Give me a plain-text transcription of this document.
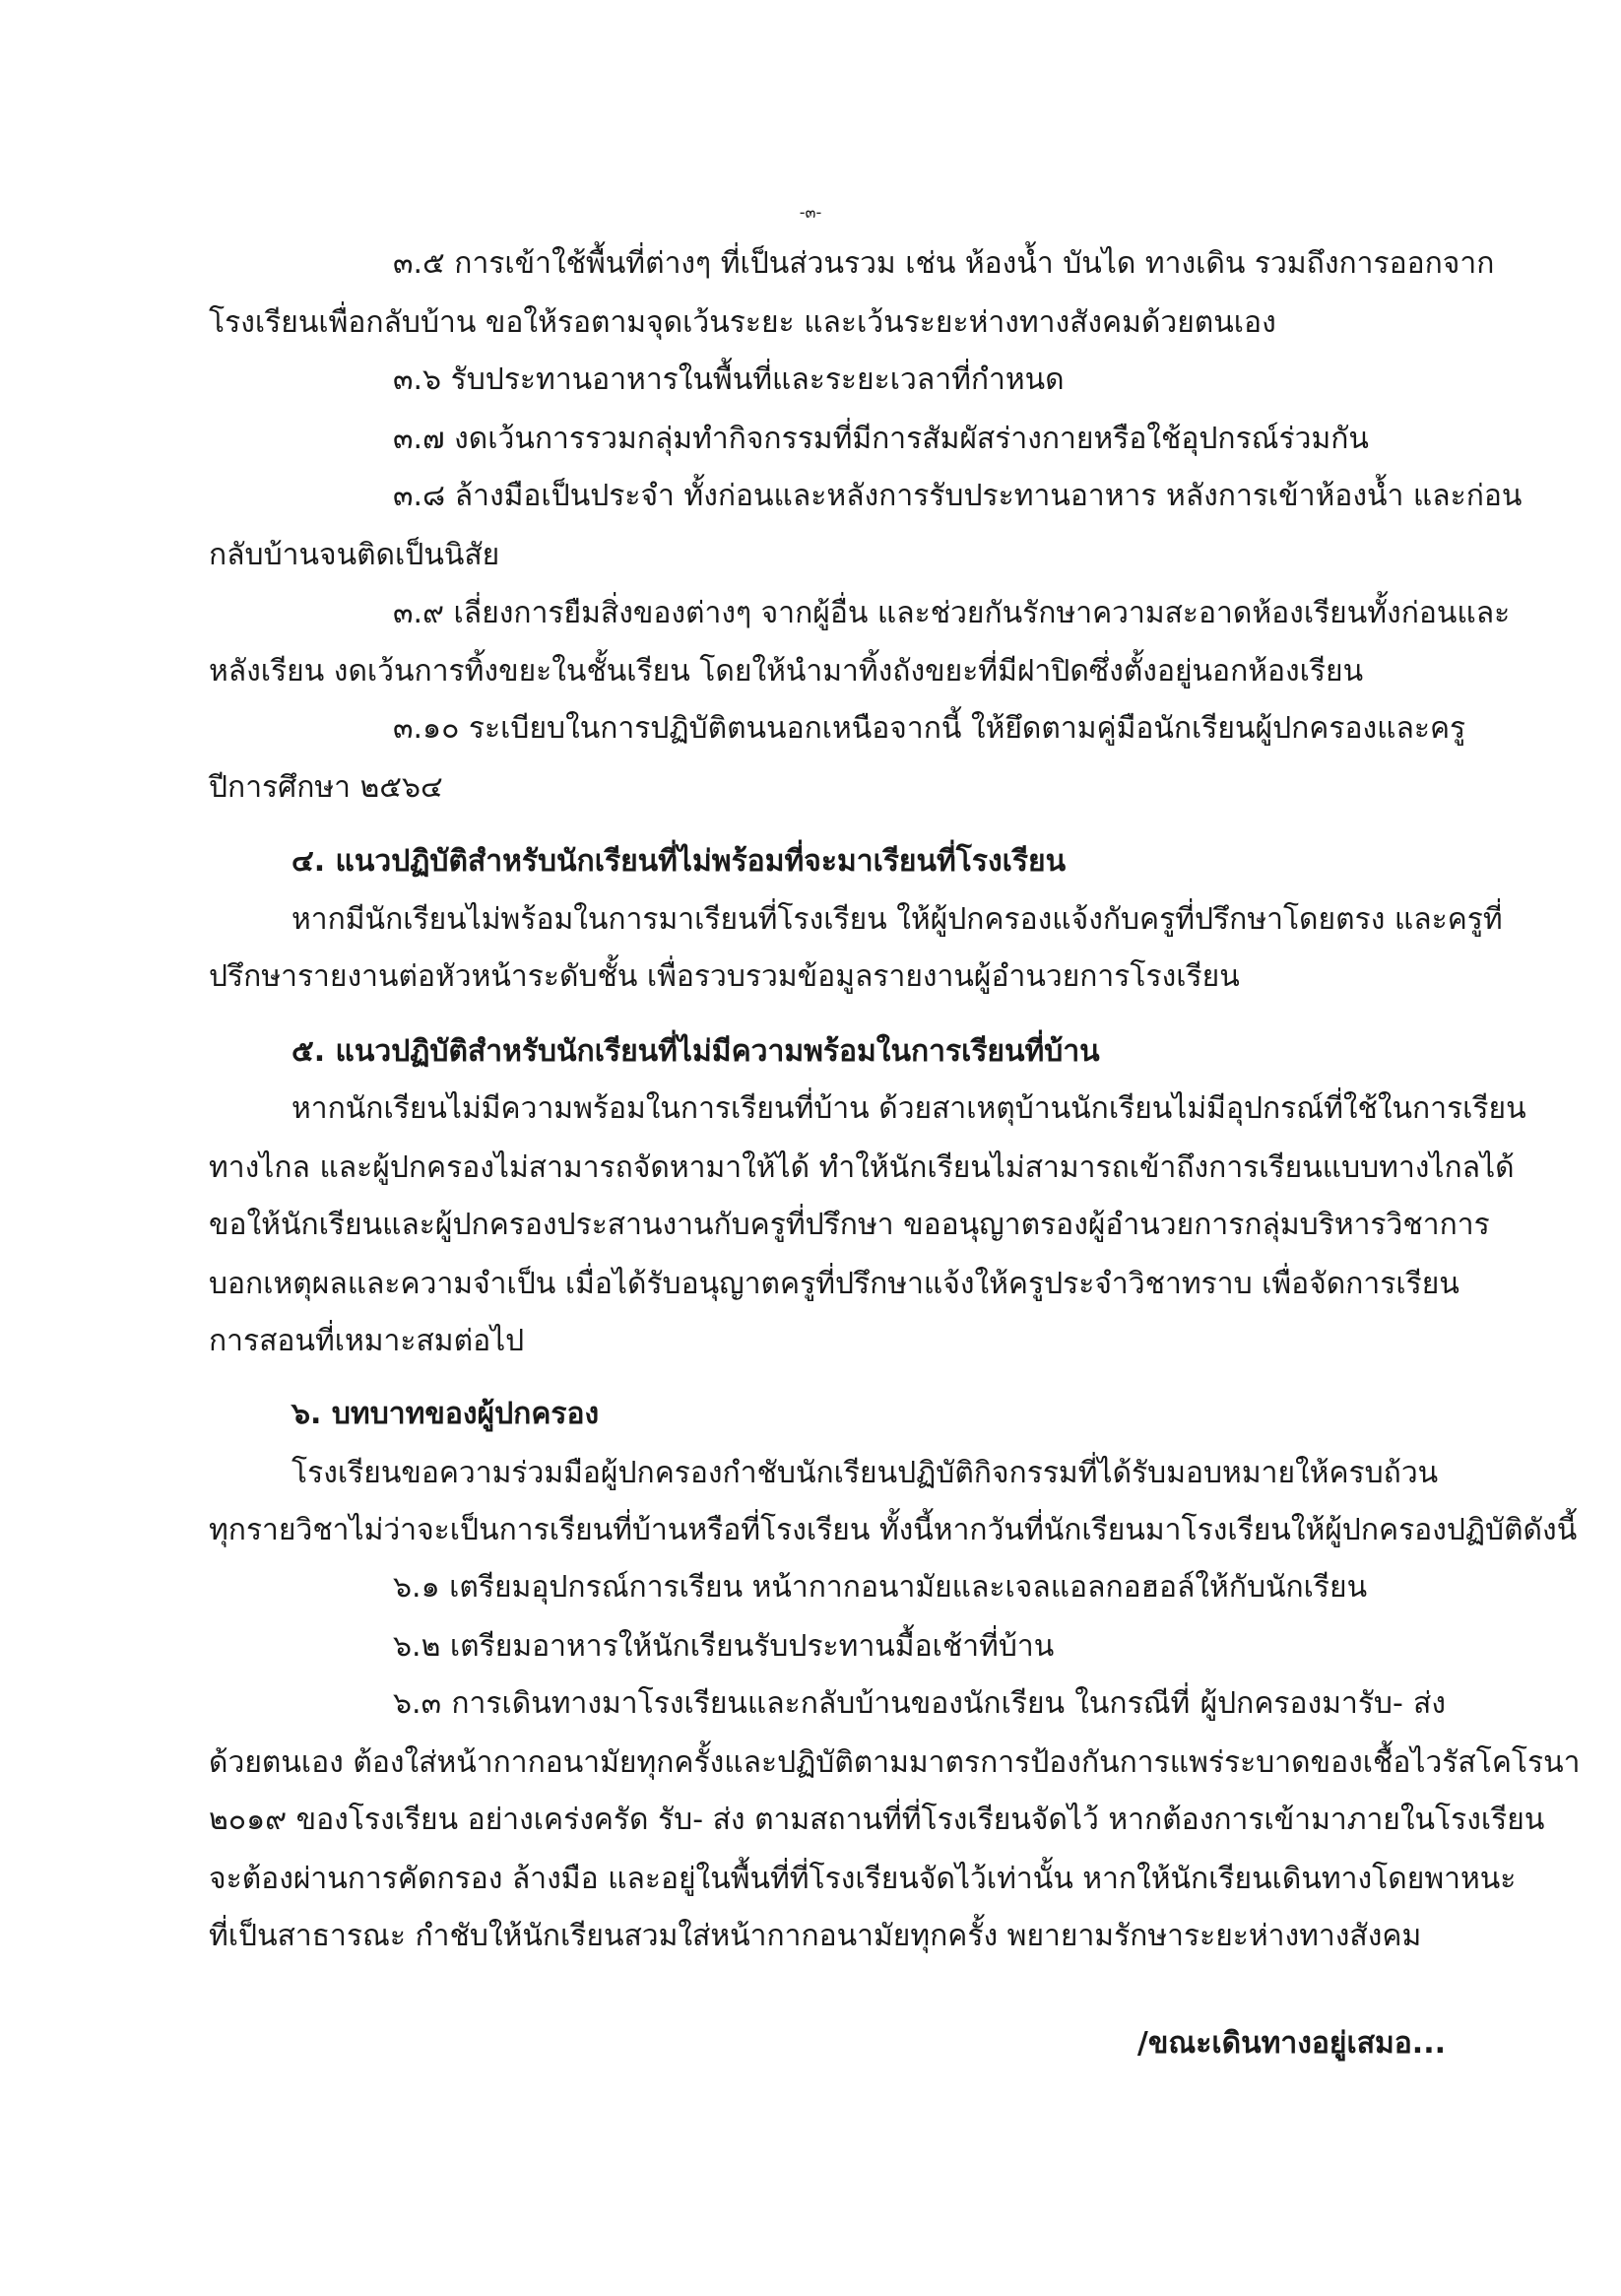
-๓-
๓.๕ การเข้าใช้พื้นที่ต่างๆ ที่เป็นส่วนรวม เช่น ห้องน้ำ บันได ทางเดิน รวมถึงการออกจาก
โรงเรียนเพื่อกลับบ้าน ขอให้รอตามจุดเว้นระยะ และเว้นระยะห่างทางสังคมด้วยตนเอง
๓.๖ รับประทานอาหารในพื้นที่และระยะเวลาที่กำหนด
๓.๗ งดเว้นการรวมกลุ่มทำกิจกรรมที่มีการสัมผัสร่างกายหรือใช้อุปกรณ์ร่วมกัน
๓.๘ ล้างมือเป็นประจำ ทั้งก่อนและหลังการรับประทานอาหาร หลังการเข้าห้องน้ำ และก่อน
กลับบ้านจนติดเป็นนิสัย
๓.๙ เลี่ยงการยืมสิ่งของต่างๆ จากผู้อื่น และช่วยกันรักษาความสะอาดห้องเรียนทั้งก่อนและ
หลังเรียน งดเว้นการทิ้งขยะในชั้นเรียน โดยให้นำมาทิ้งถังขยะที่มีฝาปิดซึ่งตั้งอยู่นอกห้องเรียน
๓.๑๐ ระเบียบในการปฏิบัติตนนอกเหนือจากนี้ ให้ยึดตามคู่มือนักเรียนผู้ปกครองและครู
ปีการศึกษา ๒๕๖๔
๔. แนวปฏิบัติสำหรับนักเรียนที่ไม่พร้อมที่จะมาเรียนที่โรงเรียน
หากมีนักเรียนไม่พร้อมในการมาเรียนที่โรงเรียน ให้ผู้ปกครองแจ้งกับครูที่ปรึกษาโดยตรง และครูที่
ปรึกษารายงานต่อหัวหน้าระดับชั้น เพื่อรวบรวมข้อมูลรายงานผู้อำนวยการโรงเรียน
๕. แนวปฏิบัติสำหรับนักเรียนที่ไม่มีความพร้อมในการเรียนที่บ้าน
หากนักเรียนไม่มีความพร้อมในการเรียนที่บ้าน ด้วยสาเหตุบ้านนักเรียนไม่มีอุปกรณ์ที่ใช้ในการเรียน
ทางไกล และผู้ปกครองไม่สามารถจัดหามาให้ได้ ทำให้นักเรียนไม่สามารถเข้าถึงการเรียนแบบทางไกลได้
ขอให้นักเรียนและผู้ปกครองประสานงานกับครูที่ปรึกษา ขออนุญาตรองผู้อำนวยการกลุ่มบริหารวิชาการ
บอกเหตุผลและความจำเป็น เมื่อได้รับอนุญาตครูที่ปรึกษาแจ้งให้ครูประจำวิชาทราบ เพื่อจัดการเรียน
การสอนที่เหมาะสมต่อไป
๖. บทบาทของผู้ปกครอง
โรงเรียนขอความร่วมมือผู้ปกครองกำชับนักเรียนปฏิบัติกิจกรรมที่ได้รับมอบหมายให้ครบถ้วน
ทุกรายวิชาไม่ว่าจะเป็นการเรียนที่บ้านหรือที่โรงเรียน ทั้งนี้หากวันที่นักเรียนมาโรงเรียนให้ผู้ปกครองปฏิบัติดังนี้
๖.๑ เตรียมอุปกรณ์การเรียน หน้ากากอนามัยและเจลแอลกอฮอล์ให้กับนักเรียน
๖.๒ เตรียมอาหารให้นักเรียนรับประทานมื้อเช้าที่บ้าน
๖.๓ การเดินทางมาโรงเรียนและกลับบ้านของนักเรียน ในกรณีที่ ผู้ปกครองมารับ- ส่ง
ด้วยตนเอง ต้องใส่หน้ากากอนามัยทุกครั้งและปฏิบัติตามมาตรการป้องกันการแพร่ระบาดของเชื้อไวรัสโคโรนา
๒๐๑๙ ของโรงเรียน อย่างเคร่งครัด รับ- ส่ง ตามสถานที่ที่โรงเรียนจัดไว้ หากต้องการเข้ามาภายในโรงเรียน
จะต้องผ่านการคัดกรอง ล้างมือ และอยู่ในพื้นที่ที่โรงเรียนจัดไว้เท่านั้น หากให้นักเรียนเดินทางโดยพาหนะ
ที่เป็นสาธารณะ กำชับให้นักเรียนสวมใส่หน้ากากอนามัยทุกครั้ง พยายามรักษาระยะห่างทางสังคม
/ขณะเดินทางอยู่เสมอ...
